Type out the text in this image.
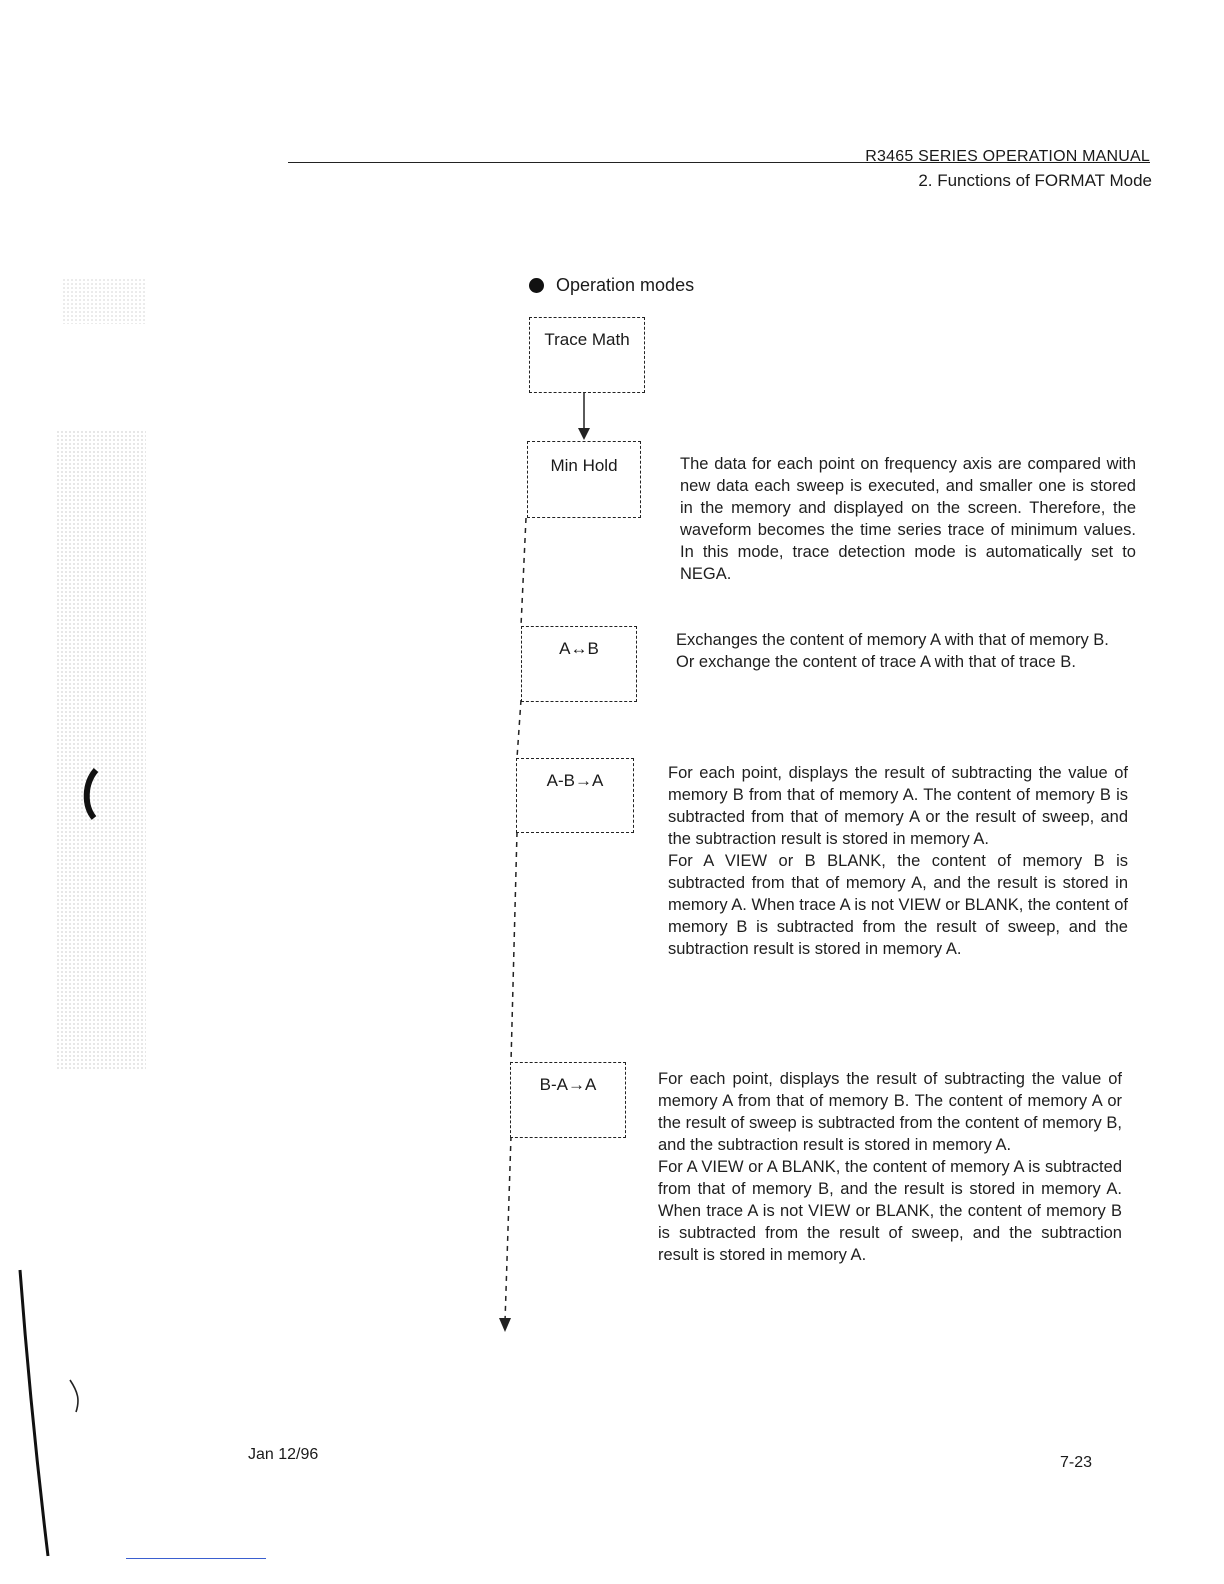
R3465 SERIES OPERATION MANUAL
2. Functions of FORMAT Mode
Operation modes
Trace Math
Min Hold
A↔B
A-B→A
B-A→A

The data for each point on frequency axis are compared with new data each sweep is executed, and smaller one is stored in the memory and displayed on the screen. Therefore, the waveform becomes the time series trace of minimum values. In this mode, trace detection mode is automatically set to NEGA.

Exchanges the content of memory A with that of memory B.

Or exchange the content of trace A with that of trace B.

For each point, displays the result of subtracting the value of memory B from that of memory A. The content of memory B is subtracted from that of memory A or the result of sweep, and the subtraction result is stored in memory A.

For A VIEW or B BLANK, the content of memory B is subtracted from that of memory A, and the result is stored in memory A. When trace A is not VIEW or BLANK, the content of memory B is subtracted from the result of sweep, and the subtraction result is stored in memory A.

For each point, displays the result of subtracting the value of memory A from that of memory B. The content of memory A or the result of sweep is subtracted from the content of memory B, and the subtraction result is stored in memory A.

For A VIEW or A BLANK, the content of memory A is subtracted from that of memory B, and the result is stored in memory A. When trace A is not VIEW or BLANK, the content of memory B is subtracted from the result of sweep, and the subtraction result is stored in memory A.

Jan 12/96	7-23
